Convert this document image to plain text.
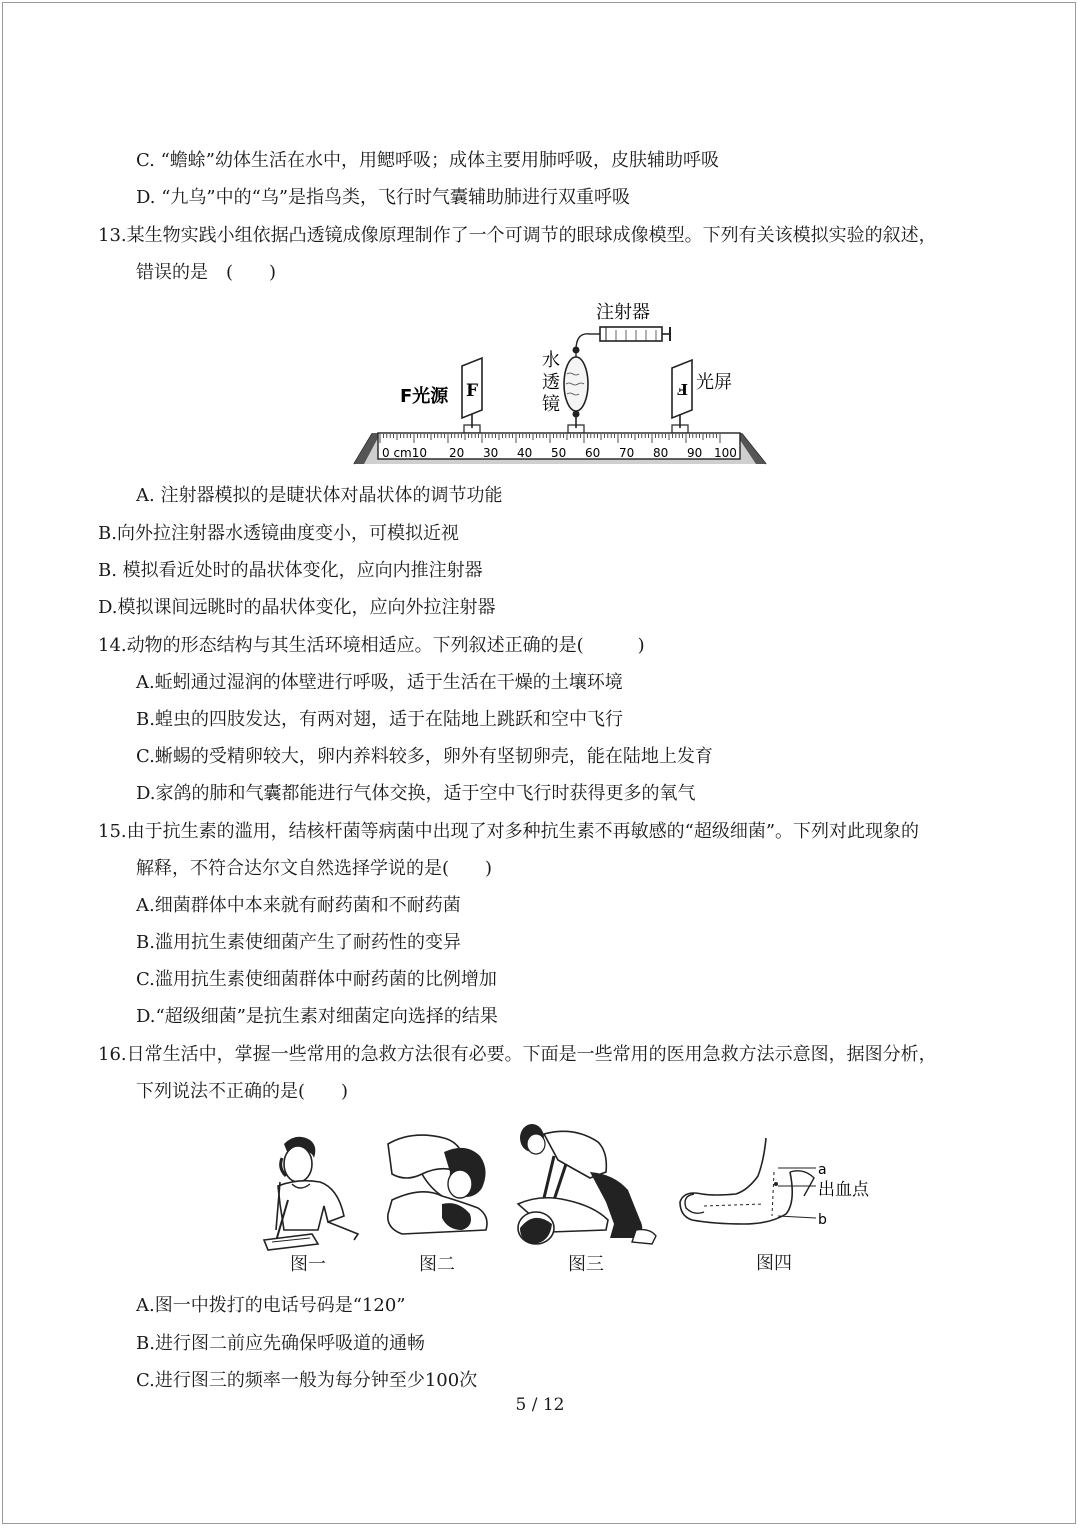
C. “蟾蜍”幼体生活在水中，用鳃呼吸；成体主要用肺呼吸，皮肤辅助呼吸
D. “九乌”中的“乌”是指鸟类，飞行时气囊辅助肺进行双重呼吸
13.某生物实践小组依据凸透镜成像原理制作了一个可调节的眼球成像模型。下列有关该模拟实验的叙述，
错误的是　(　　)
注射器
水
透
镜
F
F光源	F 光屏
0 cm10 20 30 40 50 60 70 80 90 100
A. 注射器模拟的是睫状体对晶状体的调节功能
B.向外拉注射器水透镜曲度变小，可模拟近视
B. 模拟看近处时的晶状体变化，应向内推注射器
D.模拟课间远眺时的晶状体变化，应向外拉注射器
14.动物的形态结构与其生活环境相适应。下列叙述正确的是(　　　)
A.蚯蚓通过湿润的体壁进行呼吸，适于生活在干燥的土壤环境
B.蝗虫的四肢发达，有两对翅，适于在陆地上跳跃和空中飞行
C.蜥蜴的受精卵较大，卵内养料较多，卵外有坚韧卵壳，能在陆地上发育
D.家鸽的肺和气囊都能进行气体交换，适于空中飞行时获得更多的氧气
15.由于抗生素的滥用，结核杆菌等病菌中出现了对多种抗生素不再敏感的“超级细菌”。下列对此现象的
解释，不符合达尔文自然选择学说的是(　　)
A.细菌群体中本来就有耐药菌和不耐药菌
B.滥用抗生素使细菌产生了耐药性的变异
C.滥用抗生素使细菌群体中耐药菌的比例增加
D.“超级细菌”是抗生素对细菌定向选择的结果
16.日常生活中，掌握一些常用的急救方法很有必要。下面是一些常用的医用急救方法示意图，据图分析，
下列说法不正确的是(　　)
a
出血点
b
图一	图二	图三	图四
A.图一中拨打的电话号码是“120”
B.进行图二前应先确保呼吸道的通畅
C.进行图三的频率一般为每分钟至少100次
5 / 12
